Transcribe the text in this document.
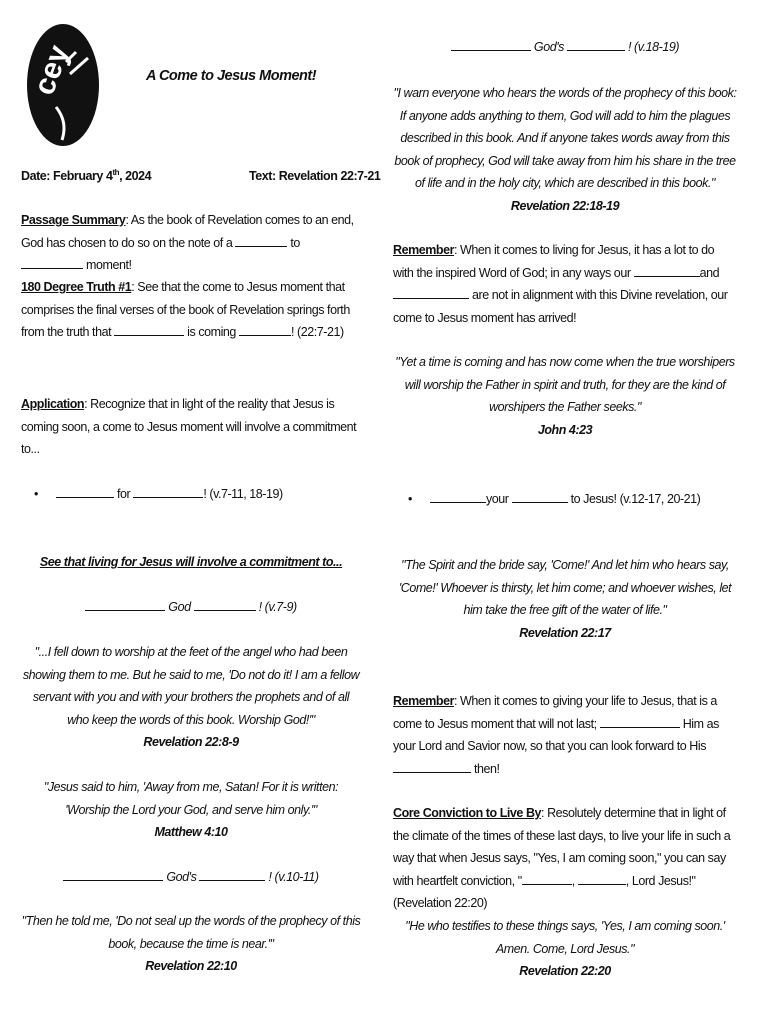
cey	A Come to Jesus Moment!
Date: February 4th, 2024	Text: Revelation 22:7-21
Passage Summary: As the book of Revelation comes to an end, God has chosen to do so on the note of a	to  moment!
180 Degree Truth #1: See that the come to Jesus moment that comprises the final verses of the book of Revelation springs forth from the truth that	is coming	! (22:7-21)
Application: Recognize that in light of the reality that Jesus is coming soon, a come to Jesus moment will involve a commitment to...
•	for	! (v.7-11, 18-19)
See that living for Jesus will involve a commitment to...
God	! (v.7-9)

"...I fell down to worship at the feet of the angel who had been showing them to me. But he said to me, 'Do not do it! I am a fellow servant with you and with your brothers the prophets and of all who keep the words of this book. Worship God!'"

Revelation 22:8-9

"Jesus said to him, 'Away from me, Satan! For it is written: 'Worship the Lord your God, and serve him only.'"

Matthew 4:10

God's	! (v.10-11)

"Then he told me, 'Do not seal up the words of the prophecy of this book, because the time is near.'"

Revelation 22:10

God's	! (v.18-19)

"I warn everyone who hears the words of the prophecy of this book: If anyone adds anything to them, God will add to him the plagues described in this book. And if anyone takes words away from this book of prophecy, God will take away from him his share in the tree of life and in the holy city, which are described in this book."

Revelation 22:18-19

Remember: When it comes to living for Jesus, it has a lot to do with the inspired Word of God; in any ways our	and  are not in alignment with this Divine revelation, our come to Jesus moment has arrived!

"Yet a time is coming and has now come when the true worshipers will worship the Father in spirit and truth, for they are the kind of worshipers the Father seeks."

John 4:23

•	your	to Jesus! (v.12-17, 20-21)

"The Spirit and the bride say, 'Come!' And let him who hears say, 'Come!' Whoever is thirsty, let him come; and whoever wishes, let him take the free gift of the water of life."

Revelation 22:17

Remember: When it comes to giving your life to Jesus, that is a come to Jesus moment that will not last;	Him as your Lord and Savior now, so that you can look forward to His  then!
Core Conviction to Live By: Resolutely determine that in light of the climate of the times of these last days, to live your life in such a way that when Jesus says, "Yes, I am coming soon," you can say with heartfelt conviction, "	,	, Lord Jesus!" (Revelation 22:20)

"He who testifies to these things says, 'Yes, I am coming soon.' Amen. Come, Lord Jesus."

Revelation 22:20
